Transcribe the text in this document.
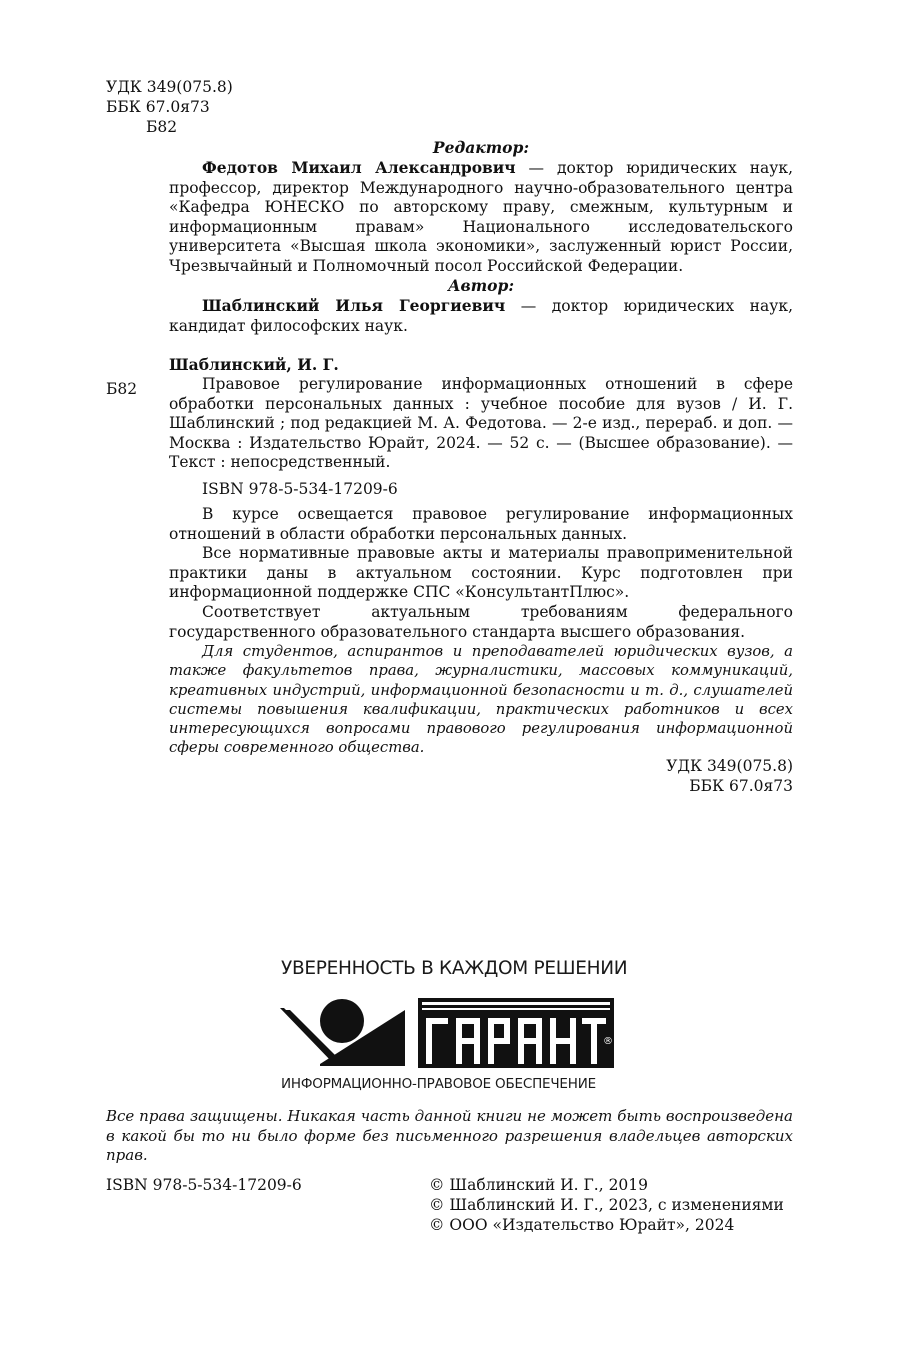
УДК 349(075.8)
ББК 67.0я73
Б82
Редактор:

Федотов Михаил Александрович — доктор юридических наук, профессор, директор Международного научно-образовательного центра «Кафедра ЮНЕСКО по авторскому праву, смежным, культурным и информационным правам» Национального исследовательского университета «Высшая школа экономики», заслуженный юрист России, Чрезвычайный и Полномочный посол Российской Федерации.

Автор:

Шаблинский Илья Георгиевич — доктор юридических наук, кандидат философских наук.

Шаблинский, И. Г.
Б82	Правовое регулирование информационных отношений в сфере обработки персональных данных : учебное пособие для вузов / И. Г. Шаблинский ; под редакцией М. А. Федотова. — 2-е изд., перераб. и доп. — Москва : Издательство Юрайт, 2024. — 52 с. — (Высшее образование). — Текст : непосредственный.

ISBN 978-5-534-17209-6

В курсе освещается правовое регулирование информационных отношений в области обработки персональных данных.

Все нормативные правовые акты и материалы правоприменительной практики даны в актуальном состоянии. Курс подготовлен при информационной поддержке СПС «КонсультантПлюс».

Соответствует актуальным требованиям федерального государственного образовательного стандарта высшего образования.

Для студентов, аспирантов и преподавателей юридических вузов, а также факультетов права, журналистики, массовых коммуникаций, креативных индустрий, информационной безопасности и т. д., слушателей системы повышения квалификации, практических работников и всех интересующихся вопросами правового регулирования информационной сферы современного общества.

УДК 349(075.8)
ББК 67.0я73
УВЕРЕННОСТЬ В КАЖДОМ РЕШЕНИИ
®
ИНФОРМАЦИОННО-ПРАВОВОЕ ОБЕСПЕЧЕНИЕ

Все права защищены. Никакая часть данной книги не может быть воспроизведена в какой бы то ни было форме без письменного разрешения владельцев авторских прав.

ISBN 978-5-534-17209-6	© Шаблинский И. Г., 2019
© Шаблинский И. Г., 2023, с изменениями
© ООО «Издательство Юрайт», 2024
